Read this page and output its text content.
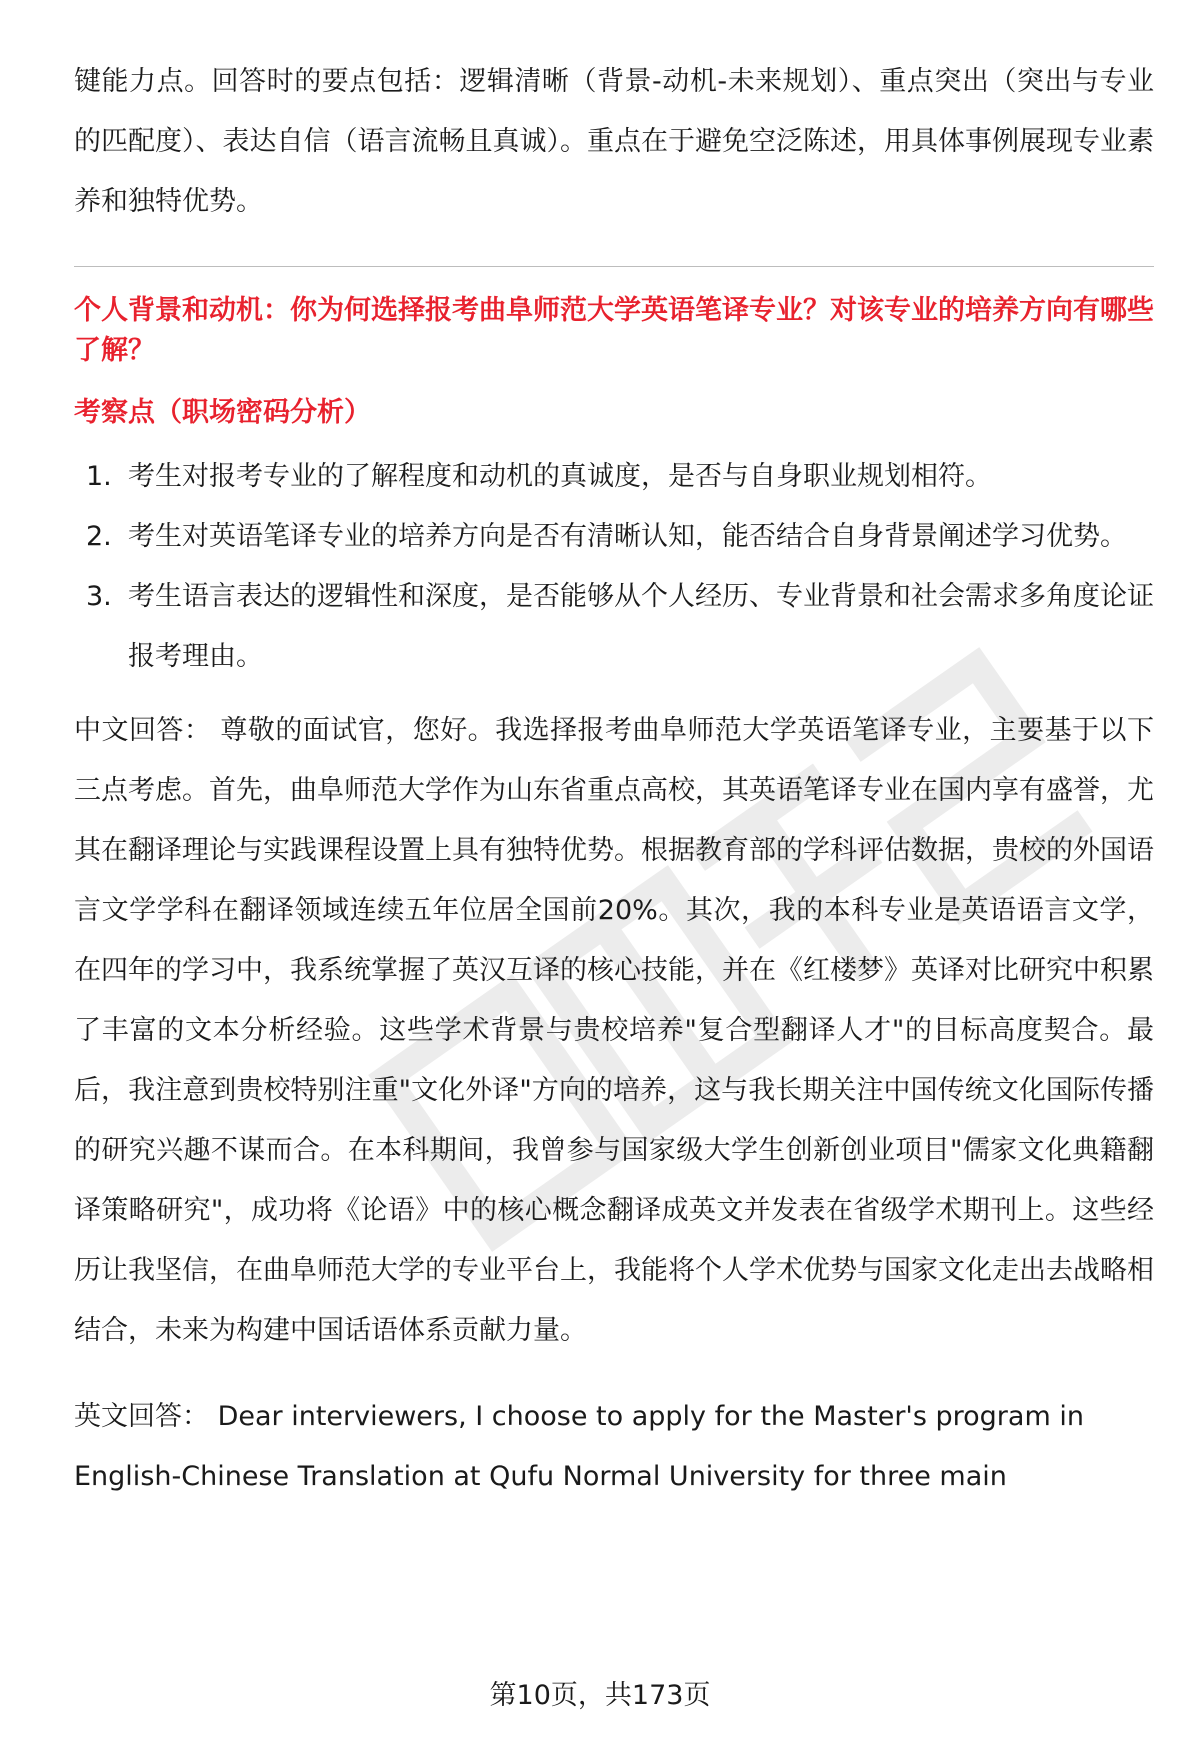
键能力点。回答时的要点包括：逻辑清晰（背景-动机-未来规划）、重点突出（突出与专业的匹配度）、表达自信（语言流畅且真诚）。重点在于避免空泛陈述，用具体事例展现专业素养和独特优势。

个人背景和动机：你为何选择报考曲阜师范大学英语笔译专业？对该专业的培养方向有哪些了解？

考察点（职场密码分析）

1. 考生对报考专业的了解程度和动机的真诚度，是否与自身职业规划相符。
2. 考生对英语笔译专业的培养方向是否有清晰认知，能否结合自身背景阐述学习优势。
3. 考生语言表达的逻辑性和深度，是否能够从个人经历、专业背景和社会需求多角度论证报考理由。

中文回答： 尊敬的面试官，您好。我选择报考曲阜师范大学英语笔译专业，主要基于以下三点考虑。首先，曲阜师范大学作为山东省重点高校，其英语笔译专业在国内享有盛誉，尤其在翻译理论与实践课程设置上具有独特优势。根据教育部的学科评估数据，贵校的外国语言文学学科在翻译领域连续五年位居全国前20%。其次，我的本科专业是英语语言文学，在四年的学习中，我系统掌握了英汉互译的核心技能，并在《红楼梦》英译对比研究中积累了丰富的文本分析经验。这些学术背景与贵校培养"复合型翻译人才"的目标高度契合。最后，我注意到贵校特别注重"文化外译"方向的培养，这与我长期关注中国传统文化国际传播的研究兴趣不谋而合。在本科期间，我曾参与国家级大学生创新创业项目"儒家文化典籍翻译策略研究"，成功将《论语》中的核心概念翻译成英文并发表在省级学术期刊上。这些经历让我坚信，在曲阜师范大学的专业平台上，我能将个人学术优势与国家文化走出去战略相结合，未来为构建中国话语体系贡献力量。

英文回答： Dear interviewers, I choose to apply for the Master's program in English-Chinese Translation at Qufu Normal University for three main

第10页，共173页
